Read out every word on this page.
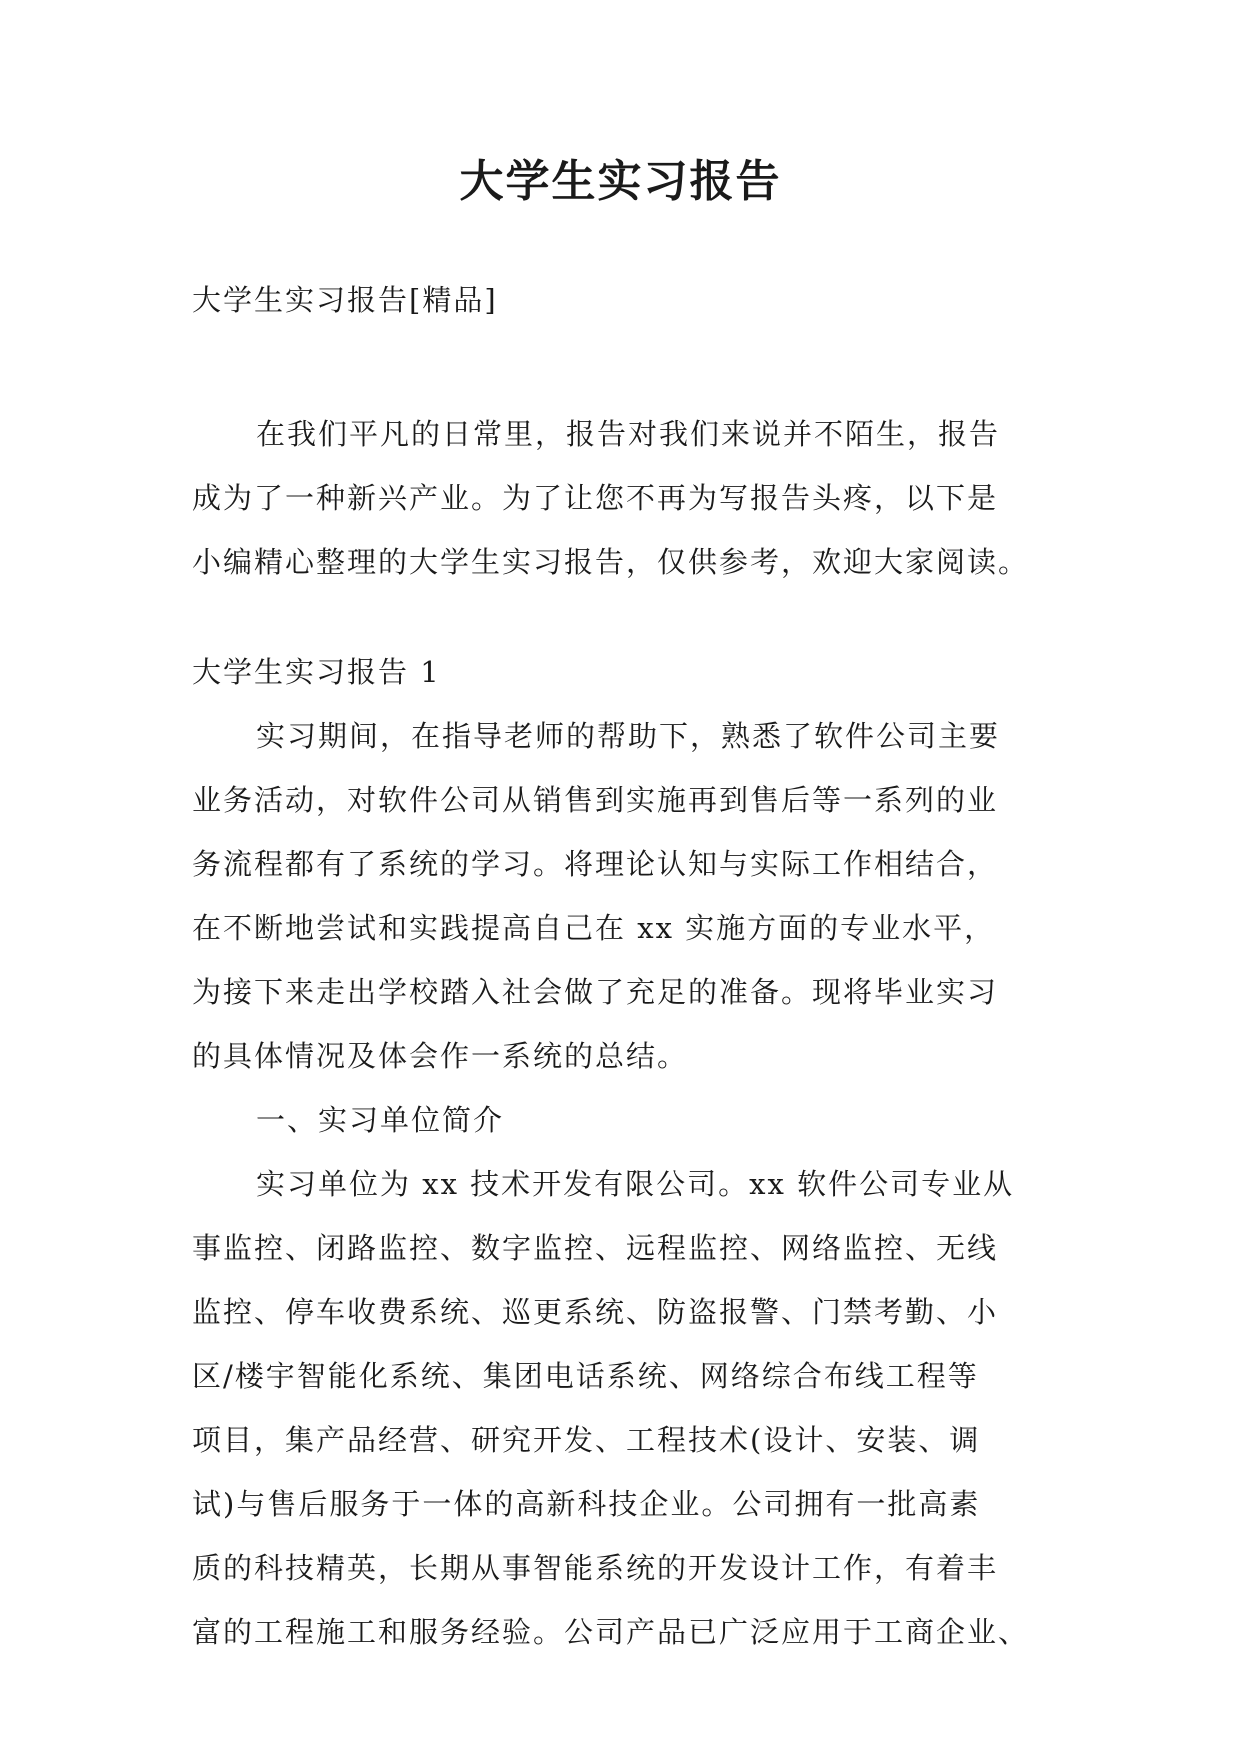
大学生实习报告
大学生实习报告[精品]
在我们平凡的日常里，报告对我们来说并不陌生，报告
成为了一种新兴产业。为了让您不再为写报告头疼，以下是
小编精心整理的大学生实习报告，仅供参考，欢迎大家阅读。
大学生实习报告 1
实习期间，在指导老师的帮助下，熟悉了软件公司主要
业务活动，对软件公司从销售到实施再到售后等一系列的业
务流程都有了系统的学习。将理论认知与实际工作相结合，
在不断地尝试和实践提高自己在 xx 实施方面的专业水平，
为接下来走出学校踏入社会做了充足的准备。现将毕业实习
的具体情况及体会作一系统的总结。
一、实习单位简介
实习单位为 xx 技术开发有限公司。xx 软件公司专业从
事监控、闭路监控、数字监控、远程监控、网络监控、无线
监控、停车收费系统、巡更系统、防盗报警、门禁考勤、小
区/楼宇智能化系统、集团电话系统、网络综合布线工程等
项目，集产品经营、研究开发、工程技术(设计、安装、调
试)与售后服务于一体的高新科技企业。公司拥有一批高素
质的科技精英，长期从事智能系统的开发设计工作，有着丰
富的工程施工和服务经验。公司产品已广泛应用于工商企业、
